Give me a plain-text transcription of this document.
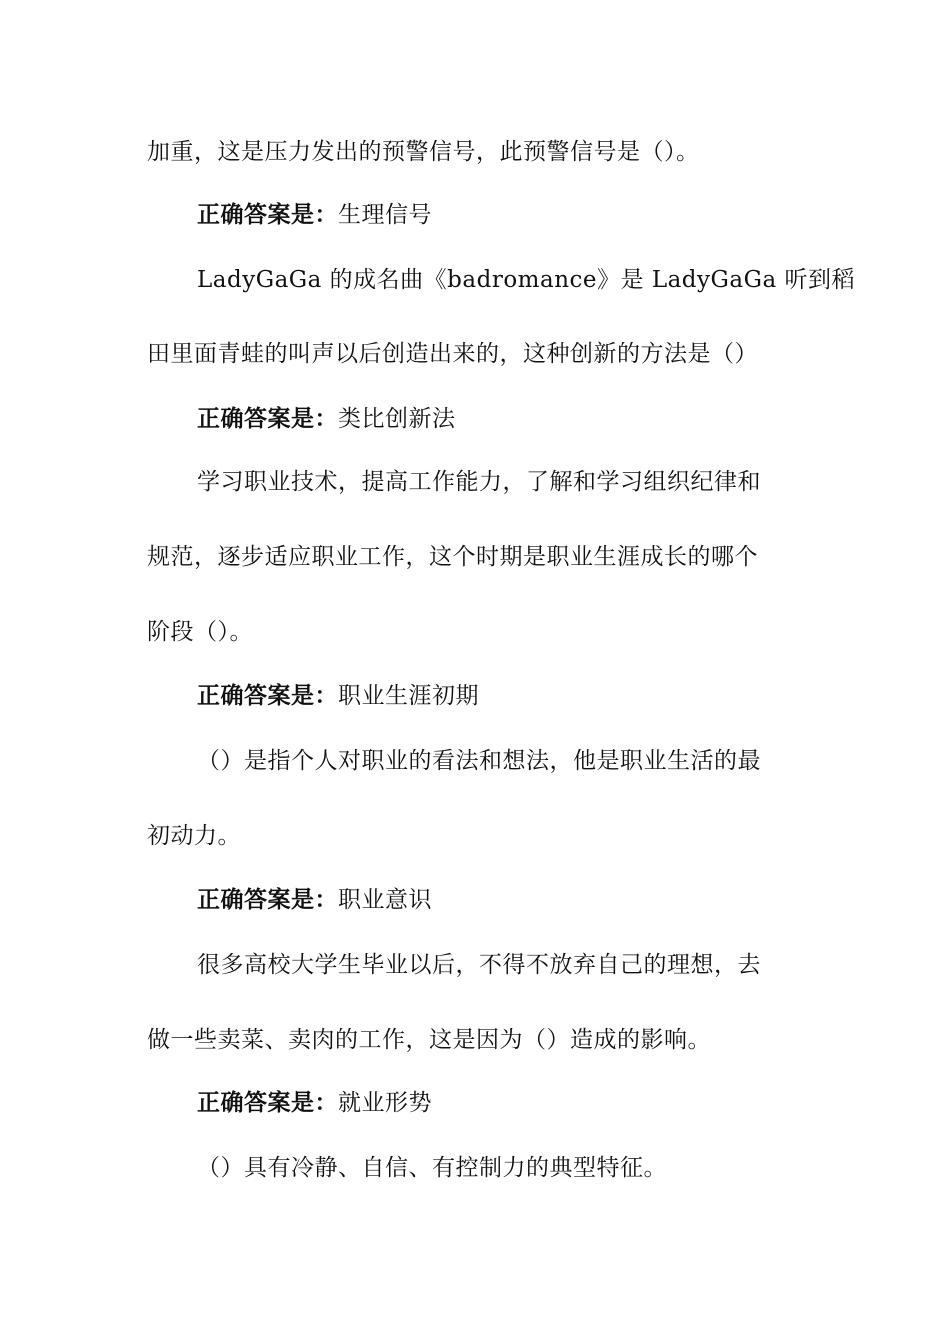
加重，这是压力发出的预警信号，此预警信号是（）。
正确答案是：生理信号
LadyGaGa 的成名曲《badromance》是 LadyGaGa 听到稻
田里面青蛙的叫声以后创造出来的，这种创新的方法是（）
正确答案是：类比创新法
学习职业技术，提高工作能力，了解和学习组织纪律和
规范，逐步适应职业工作，这个时期是职业生涯成长的哪个
阶段（）。
正确答案是：职业生涯初期
（）是指个人对职业的看法和想法，他是职业生活的最
初动力。
正确答案是：职业意识
很多高校大学生毕业以后，不得不放弃自己的理想，去
做一些卖菜、卖肉的工作，这是因为（）造成的影响。
正确答案是：就业形势
（）具有冷静、自信、有控制力的典型特征。
